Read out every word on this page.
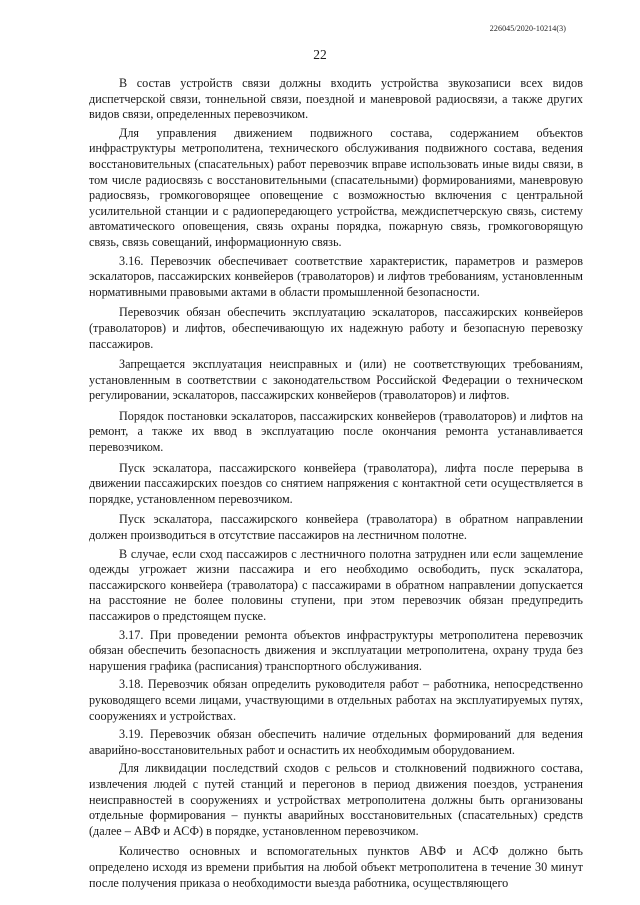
226045/2020-10214(3)
22

В состав устройств связи должны входить устройства звукозаписи всех видов диспетчерской связи, тоннельной связи, поездной и маневровой радиосвязи, а также других видов связи, определенных перевозчиком.

Для управления движением подвижного состава, содержанием объектов инфраструктуры метрополитена, технического обслуживания подвижного состава, ведения восстановительных (спасательных) работ перевозчик вправе использовать иные виды связи, в том числе радиосвязь с восстановительными (спасательными) формированиями, маневровую радиосвязь, громкоговорящее оповещение с возможностью включения с центральной усилительной станции и с радиопередающего устройства, междиспетчерскую связь, систему автоматического оповещения, связь охраны порядка, пожарную связь, громкоговорящую связь, связь совещаний, информационную связь.

3.16. Перевозчик обеспечивает соответствие характеристик, параметров и размеров эскалаторов, пассажирских конвейеров (траволаторов) и лифтов требованиям, установленным нормативными правовыми актами в области промышленной безопасности.

Перевозчик обязан обеспечить эксплуатацию эскалаторов, пассажирских конвейеров (траволаторов) и лифтов, обеспечивающую их надежную работу и безопасную перевозку пассажиров.

Запрещается эксплуатация неисправных и (или) не соответствующих требованиям, установленным в соответствии с законодательством Российской Федерации о техническом регулировании, эскалаторов, пассажирских конвейеров (траволаторов) и лифтов.

Порядок постановки эскалаторов, пассажирских конвейеров (траволаторов) и лифтов на ремонт, а также их ввод в эксплуатацию после окончания ремонта устанавливается перевозчиком.

Пуск эскалатора, пассажирского конвейера (траволатора), лифта после перерыва в движении пассажирских поездов со снятием напряжения с контактной сети осуществляется в порядке, установленном перевозчиком.

Пуск эскалатора, пассажирского конвейера (траволатора) в обратном направлении должен производиться в отсутствие пассажиров на лестничном полотне.

В случае, если сход пассажиров с лестничного полотна затруднен или если защемление одежды угрожает жизни пассажира и его необходимо освободить, пуск эскалатора, пассажирского конвейера (траволатора) с пассажирами в обратном направлении допускается на расстояние не более половины ступени, при этом перевозчик обязан предупредить пассажиров о предстоящем пуске.

3.17. При проведении ремонта объектов инфраструктуры метрополитена перевозчик обязан обеспечить безопасность движения и эксплуатации метрополитена, охрану труда без нарушения графика (расписания) транспортного обслуживания.

3.18. Перевозчик обязан определить руководителя работ – работника, непосредственно руководящего всеми лицами, участвующими в отдельных работах на эксплуатируемых путях, сооружениях и устройствах.

3.19. Перевозчик обязан обеспечить наличие отдельных формирований для ведения аварийно-восстановительных работ и оснастить их необходимым оборудованием.

Для ликвидации последствий сходов с рельсов и столкновений подвижного состава, извлечения людей с путей станций и перегонов в период движения поездов, устранения неисправностей в сооружениях и устройствах метрополитена должны быть организованы отдельные формирования – пункты аварийных восстановительных (спасательных) средств (далее – АВФ и АСФ) в порядке, установленном перевозчиком.

Количество основных и вспомогательных пунктов АВФ и АСФ должно быть определено исходя из времени прибытия на любой объект метрополитена в течение 30 минут после получения приказа о необходимости выезда работника, осуществляющего
